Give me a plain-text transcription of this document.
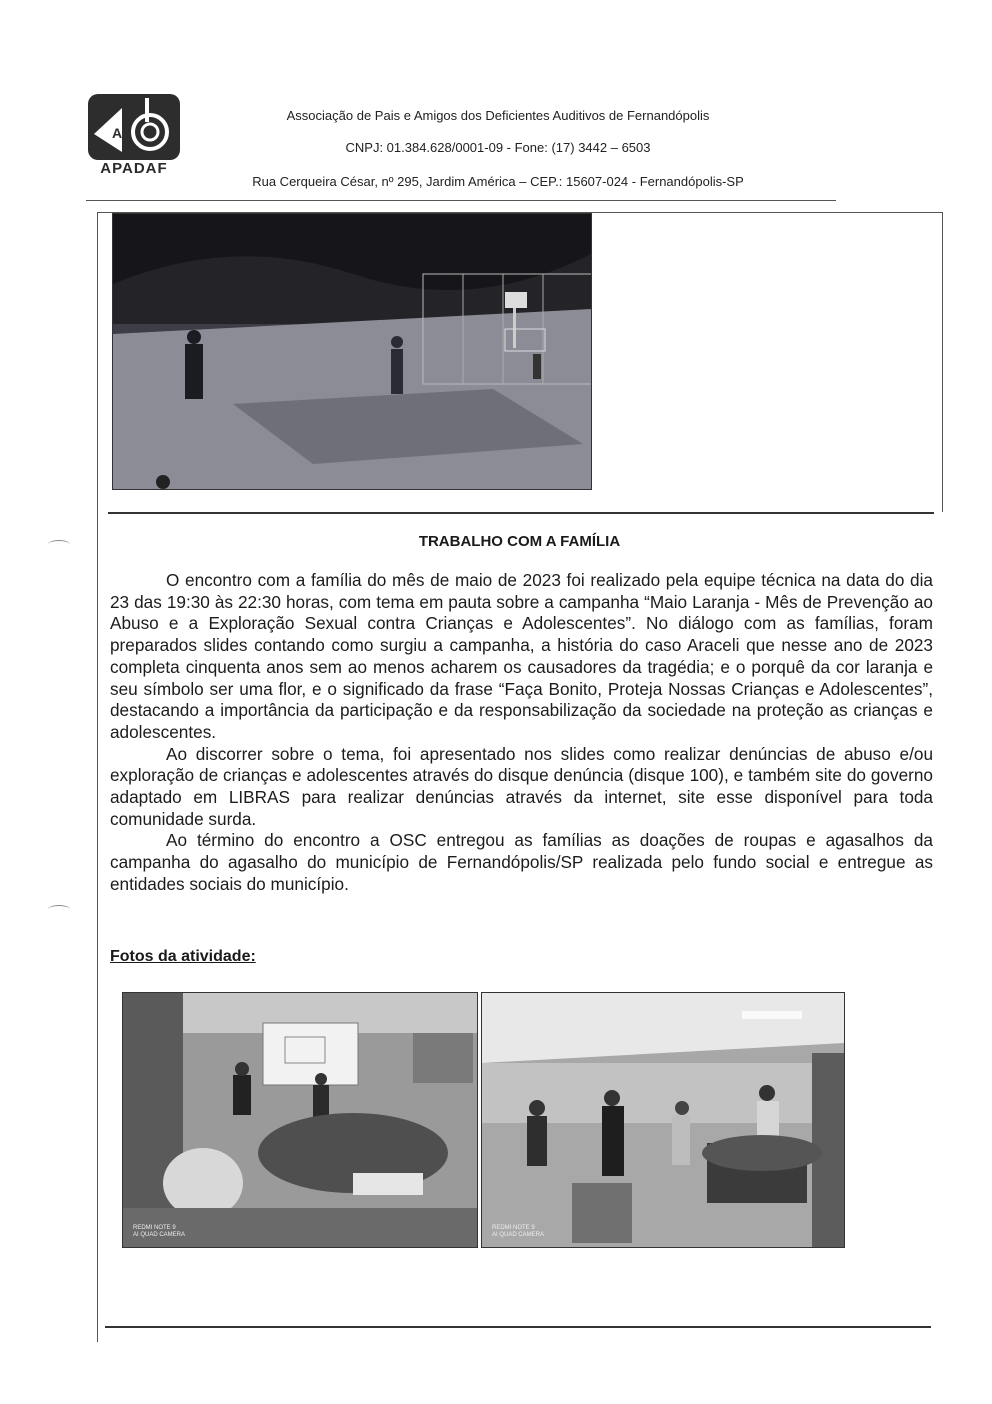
A
APADAF
Associação de Pais e Amigos dos Deficientes Auditivos de Fernandópolis
CNPJ: 01.384.628/0001-09 - Fone: (17) 3442 – 6503
Rua Cerqueira César, nº 295, Jardim América – CEP.: 15607-024 - Fernandópolis-SP
TRABALHO COM A FAMÍLIA

O encontro com a família do mês de maio de 2023 foi realizado pela equipe técnica na data do dia 23 das 19:30 às 22:30 horas, com tema em pauta sobre a campanha “Maio Laranja - Mês de Prevenção ao Abuso e a Exploração Sexual contra Crianças e Adolescentes”. No diálogo com as famílias, foram preparados slides contando como surgiu a campanha, a história do caso Araceli que nesse ano de 2023 completa cinquenta anos sem ao menos acharem os causadores da tragédia; e o porquê da cor laranja e seu símbolo ser uma flor, e o significado da frase “Faça Bonito, Proteja Nossas Crianças e Adolescentes”, destacando a importância da participação e da responsabilização da sociedade na proteção as crianças e adolescentes.

Ao discorrer sobre o tema, foi apresentado nos slides como realizar denúncias de abuso e/ou exploração de crianças e adolescentes através do disque denúncia (disque 100), e também site do governo adaptado em LIBRAS para realizar denúncias através da internet, site esse disponível para toda comunidade surda.

Ao término do encontro a OSC entregou as famílias as doações de roupas e agasalhos da campanha do agasalho do município de Fernandópolis/SP realizada pelo fundo social e entregue as entidades sociais do município.

Fotos da atividade:
REDMI NOTE 9
AI QUAD CAMERA
REDMI NOTE 9
AI QUAD CAMERA
